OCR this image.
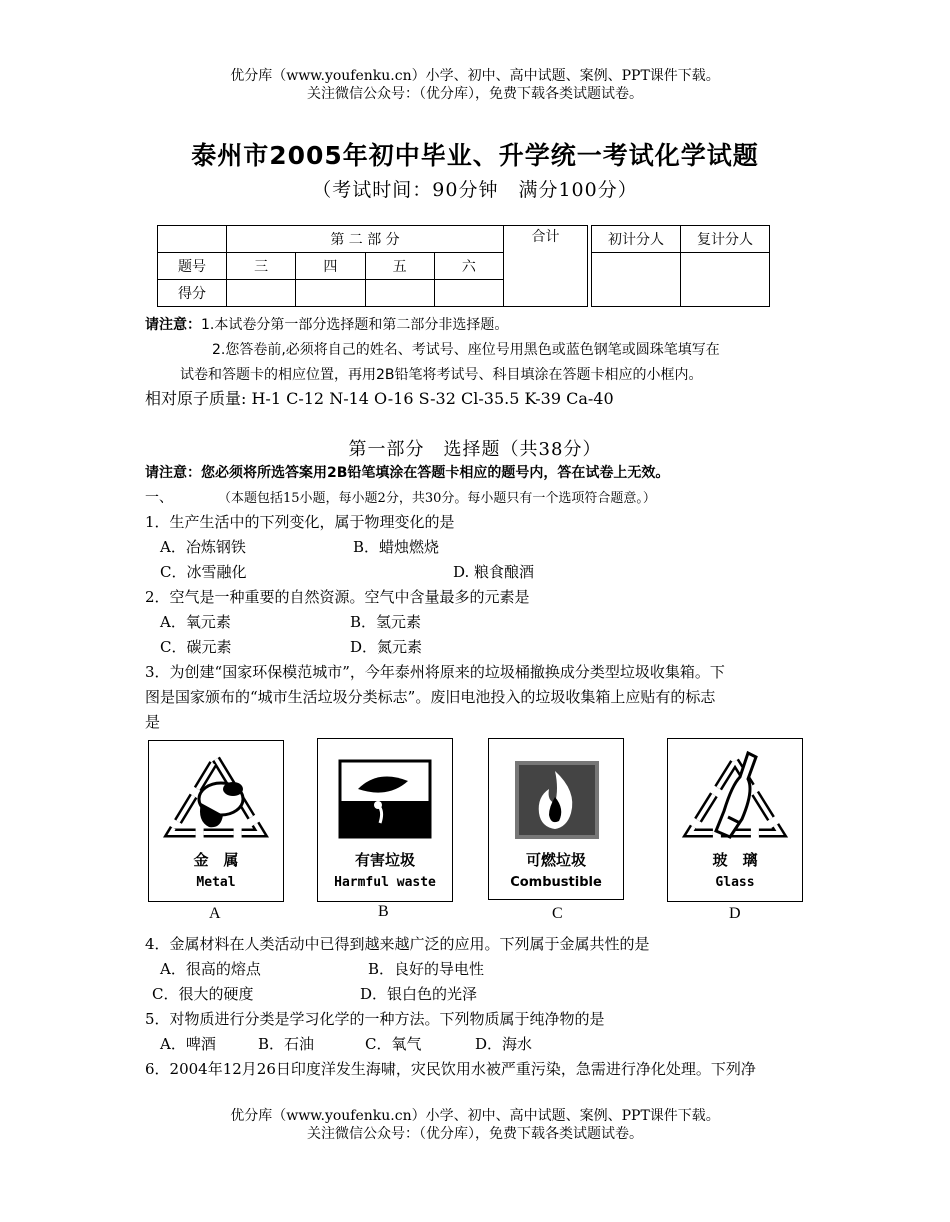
优分库（www.youfenku.cn）小学、初中、高中试题、案例、PPT课件下载。
关注微信公众号：（优分库），免费下载各类试题试卷。
泰州市2005年初中毕业、升学统一考试化学试题
（考试时间：90分钟　满分100分）
	第 二 部 分				合计		初计分人	复计分人
题号	三	四	五	六				
得分								
请注意：1.本试卷分第一部分选择题和第二部分非选择题。
2.您答卷前,必须将自己的姓名、考试号、座位号用黑色或蓝色钢笔或圆珠笔填写在
试卷和答题卡的相应位置，再用2B铅笔将考试号、科目填涂在答题卡相应的小框内。
相对原子质量: H-1 C-12 N-14 O-16 S-32 Cl-35.5 K-39 Ca-40
第一部分　选择题（共38分）
请注意：您必须将所选答案用2B铅笔填涂在答题卡相应的题号内，答在试卷上无效。
一、	（本题包括15小题，每小题2分，共30分。每小题只有一个选项符合题意。）
1．生产生活中的下列变化，属于物理变化的是
A．冶炼钢铁	B．蜡烛燃烧
C．冰雪融化	D. 粮食酿酒
2．空气是一种重要的自然资源。空气中含量最多的元素是
A．氧元素	B．氢元素
C．碳元素	D．氮元素
3．为创建“国家环保模范城市”，今年泰州将原来的垃圾桶撤换成分类型垃圾收集箱。下
图是国家颁布的“城市生活垃圾分类标志”。废旧电池投入的垃圾收集箱上应贴有的标志
是
金　属
Metal
A
有害垃圾
Harmful waste
B
可燃垃圾
Combustible
C
玻　璃
Glass
D
4．金属材料在人类活动中已得到越来越广泛的应用。下列属于金属共性的是
A．很高的熔点	B．良好的导电性
C．很大的硬度	D．银白色的光泽
5．对物质进行分类是学习化学的一种方法。下列物质属于纯净物的是
A．啤酒	B．石油	C．氧气	D．海水
6．2004年12月26日印度洋发生海啸，灾民饮用水被严重污染，急需进行净化处理。下列净
优分库（www.youfenku.cn）小学、初中、高中试题、案例、PPT课件下载。
关注微信公众号：（优分库），免费下载各类试题试卷。
